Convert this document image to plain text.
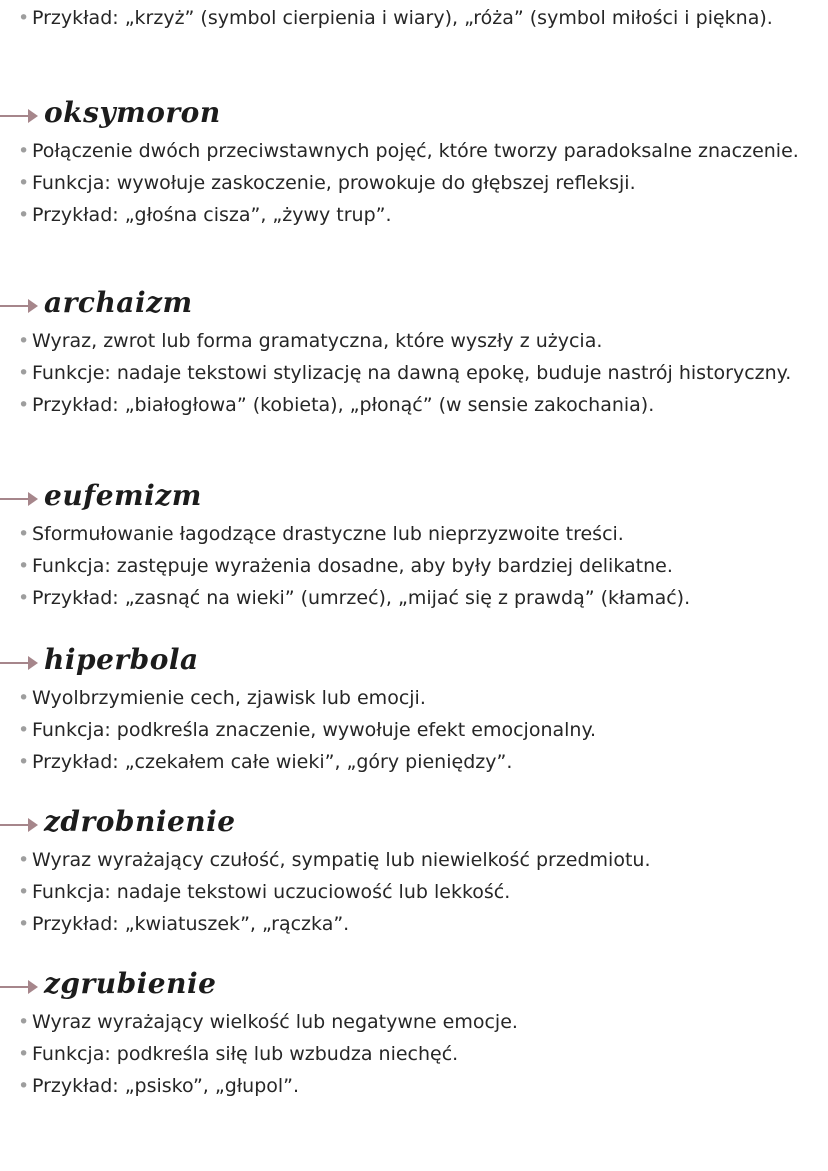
• Przykład: „krzyż” (symbol cierpienia i wiary), „róża” (symbol miłości i piękna).
oksymoron
• Połączenie dwóch przeciwstawnych pojęć, które tworzy paradoksalne znaczenie.
• Funkcja: wywołuje zaskoczenie, prowokuje do głębszej refleksji.
• Przykład: „głośna cisza”, „żywy trup”.
archaizm
• Wyraz, zwrot lub forma gramatyczna, które wyszły z użycia.
• Funkcje: nadaje tekstowi stylizację na dawną epokę, buduje nastrój historyczny.
• Przykład: „białogłowa” (kobieta), „płonąć” (w sensie zakochania).
eufemizm
• Sformułowanie łagodzące drastyczne lub nieprzyzwoite treści.
• Funkcja: zastępuje wyrażenia dosadne, aby były bardziej delikatne.
• Przykład: „zasnąć na wieki” (umrzeć), „mijać się z prawdą” (kłamać).
hiperbola
• Wyolbrzymienie cech, zjawisk lub emocji.
• Funkcja: podkreśla znaczenie, wywołuje efekt emocjonalny.
• Przykład: „czekałem całe wieki”, „góry pieniędzy”.
zdrobnienie
• Wyraz wyrażający czułość, sympatię lub niewielkość przedmiotu.
• Funkcja: nadaje tekstowi uczuciowość lub lekkość.
• Przykład: „kwiatuszek”, „rączka”.
zgrubienie
• Wyraz wyrażający wielkość lub negatywne emocje.
• Funkcja: podkreśla siłę lub wzbudza niechęć.
• Przykład: „psisko”, „głupol”.
